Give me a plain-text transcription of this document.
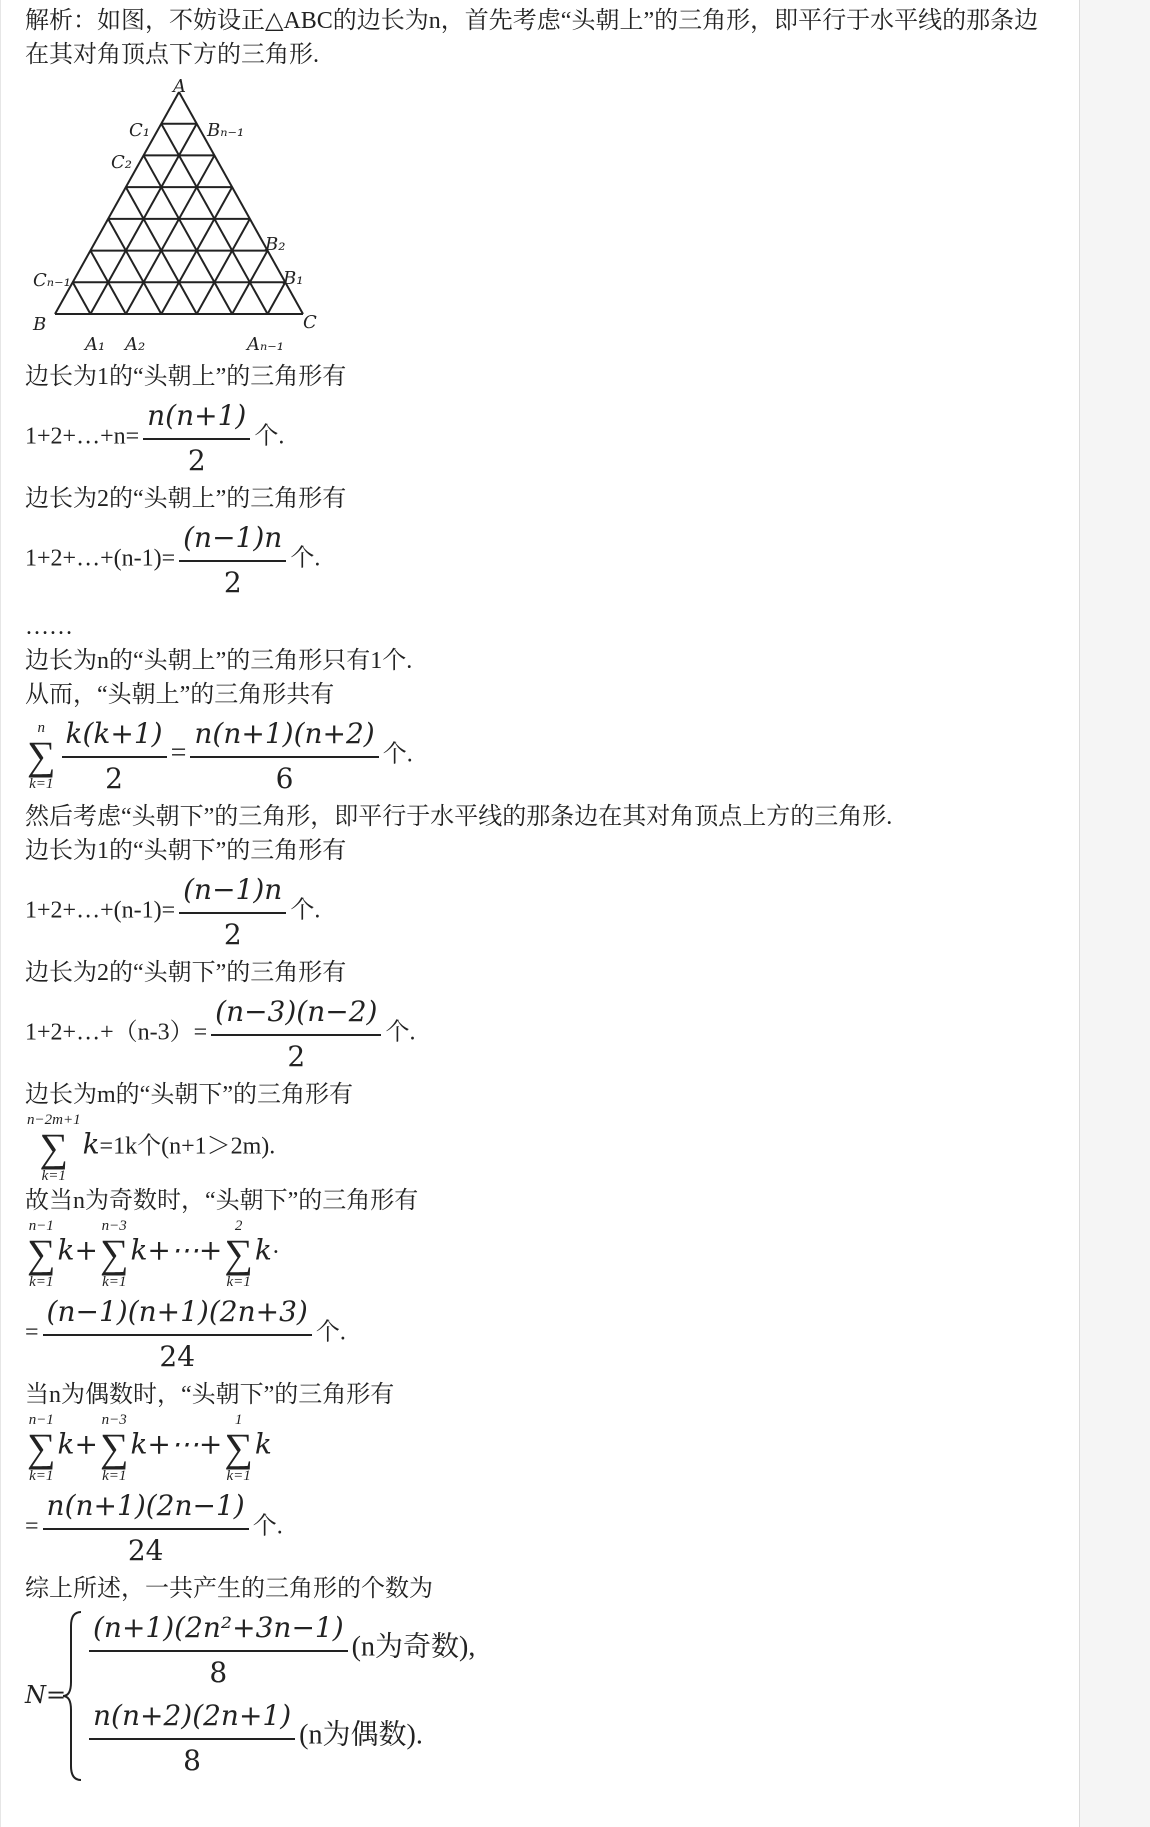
解析：如图，不妨设正△ABC的边长为n，首先考虑“头朝上”的三角形，即平行于水平线的那条边在其对角顶点下方的三角形.
A
C₁
C₂
Cₙ₋₁
Bₙ₋₁
B₂
B₁
B	C
A₁ A₂	Aₙ₋₁
边长为1的“头朝上”的三角形有
1+2+…+n= $\frac{n(n+1)}{2}$ 个.
边长为2的“头朝上”的三角形有
1+2+…+(n-1)= $\frac{(n-1)n}{2}$ 个.
……
边长为n的“头朝上”的三角形只有1个.
从而，“头朝上”的三角形共有
n
∑
$k=1 \frac{k(k+1)}{2} = \frac{n(n+1)(n+2)}{6}$ 个.
然后考虑“头朝下”的三角形，即平行于水平线的那条边在其对角顶点上方的三角形.
边长为1的“头朝下”的三角形有
1+2+…+(n-1)= $\frac{(n-1)n}{2}$ 个.
边长为2的“头朝下”的三角形有
1+2+…+（n-3）= $\frac{(n-3)(n-2)}{2}$ 个.
边长为m的“头朝下”的三角形有
n−2m+1
∑
k=1
k=1k个(n+1＞2m).
故当n为奇数时，“头朝下”的三角形有
n−1
∑
k=1
k+
n−3
∑
k=1
k+⋯+
2
∑
k=1
k·
= $\frac{(n-1)(n+1)(2n+3)}{24}$ 个.
当n为偶数时，“头朝下”的三角形有
n−1
∑
k=1
k+
n−3
∑
k=1
k+⋯+
1
∑
k=1
k
= $\frac{n(n+1)(2n-1)}{24}$ 个.
综上所述，一共产生的三角形的个数为
N=
$\frac{\text{(n+1)(2n²+3n−1)}}{8} (n$为奇数),
$\frac{n(n+2)(2n+1)}{8} (n$为偶数).
